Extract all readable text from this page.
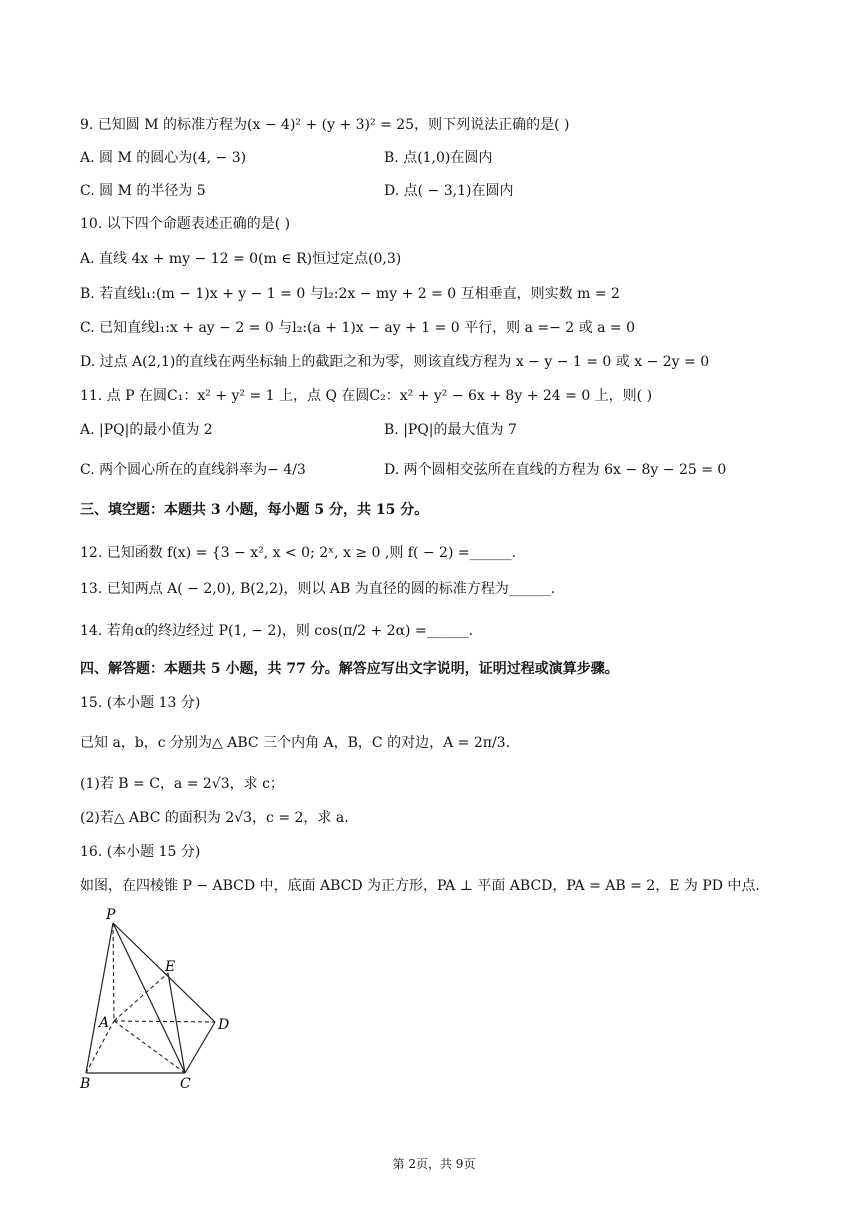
9. 已知圆 M 的标准方程为(x − 4)² + (y + 3)² = 25，则下列说法正确的是( )
A. 圆 M 的圆心为(4, − 3)	B. 点(1,0)在圆内
C. 圆 M 的半径为 5	D. 点( − 3,1)在圆内
10. 以下四个命题表述正确的是( )
A. 直线 4x + my − 12 = 0(m ∈ R)恒过定点(0,3)
B. 若直线l₁:(m − 1)x + y − 1 = 0 与l₂:2x − my + 2 = 0 互相垂直，则实数 m = 2
C. 已知直线l₁:x + ay − 2 = 0 与l₂:(a + 1)x − ay + 1 = 0 平行，则 a =− 2 或 a = 0
D. 过点 A(2,1)的直线在两坐标轴上的截距之和为零，则该直线方程为 x − y − 1 = 0 或 x − 2y = 0
11. 点 P 在圆C₁：x² + y² = 1 上，点 Q 在圆C₂：x² + y² − 6x + 8y + 24 = 0 上，则( )
A. |PQ|的最小值为 2	B. |PQ|的最大值为 7
C. 两个圆心所在的直线斜率为− 4/3	D. 两个圆相交弦所在直线的方程为 6x − 8y − 25 = 0
三、填空题：本题共 3 小题，每小题 5 分，共 15 分。
12. 已知函数 f(x) = {3 − x², x < 0; 2ˣ, x ≥ 0 ,则 f( − 2) =______.
13. 已知两点 A( − 2,0), B(2,2)，则以 AB 为直径的圆的标准方程为______.
14. 若角α的终边经过 P(1, − 2)，则 cos(π/2 + 2α) =______.
四、解答题：本题共 5 小题，共 77 分。解答应写出文字说明，证明过程或演算步骤。
15. (本小题 13 分)
已知 a，b，c 分别为△ ABC 三个内角 A，B，C 的对边，A = 2π/3.
(1)若 B = C，a = 2√3，求 c；
(2)若△ ABC 的面积为 2√3，c = 2，求 a.
16. (本小题 15 分)
如图，在四棱锥 P − ABCD 中，底面 ABCD 为正方形，PA ⊥ 平面 ABCD，PA = AB = 2，E 为 PD 中点.
P
E
A	D
B	C
第 2页，共 9页
